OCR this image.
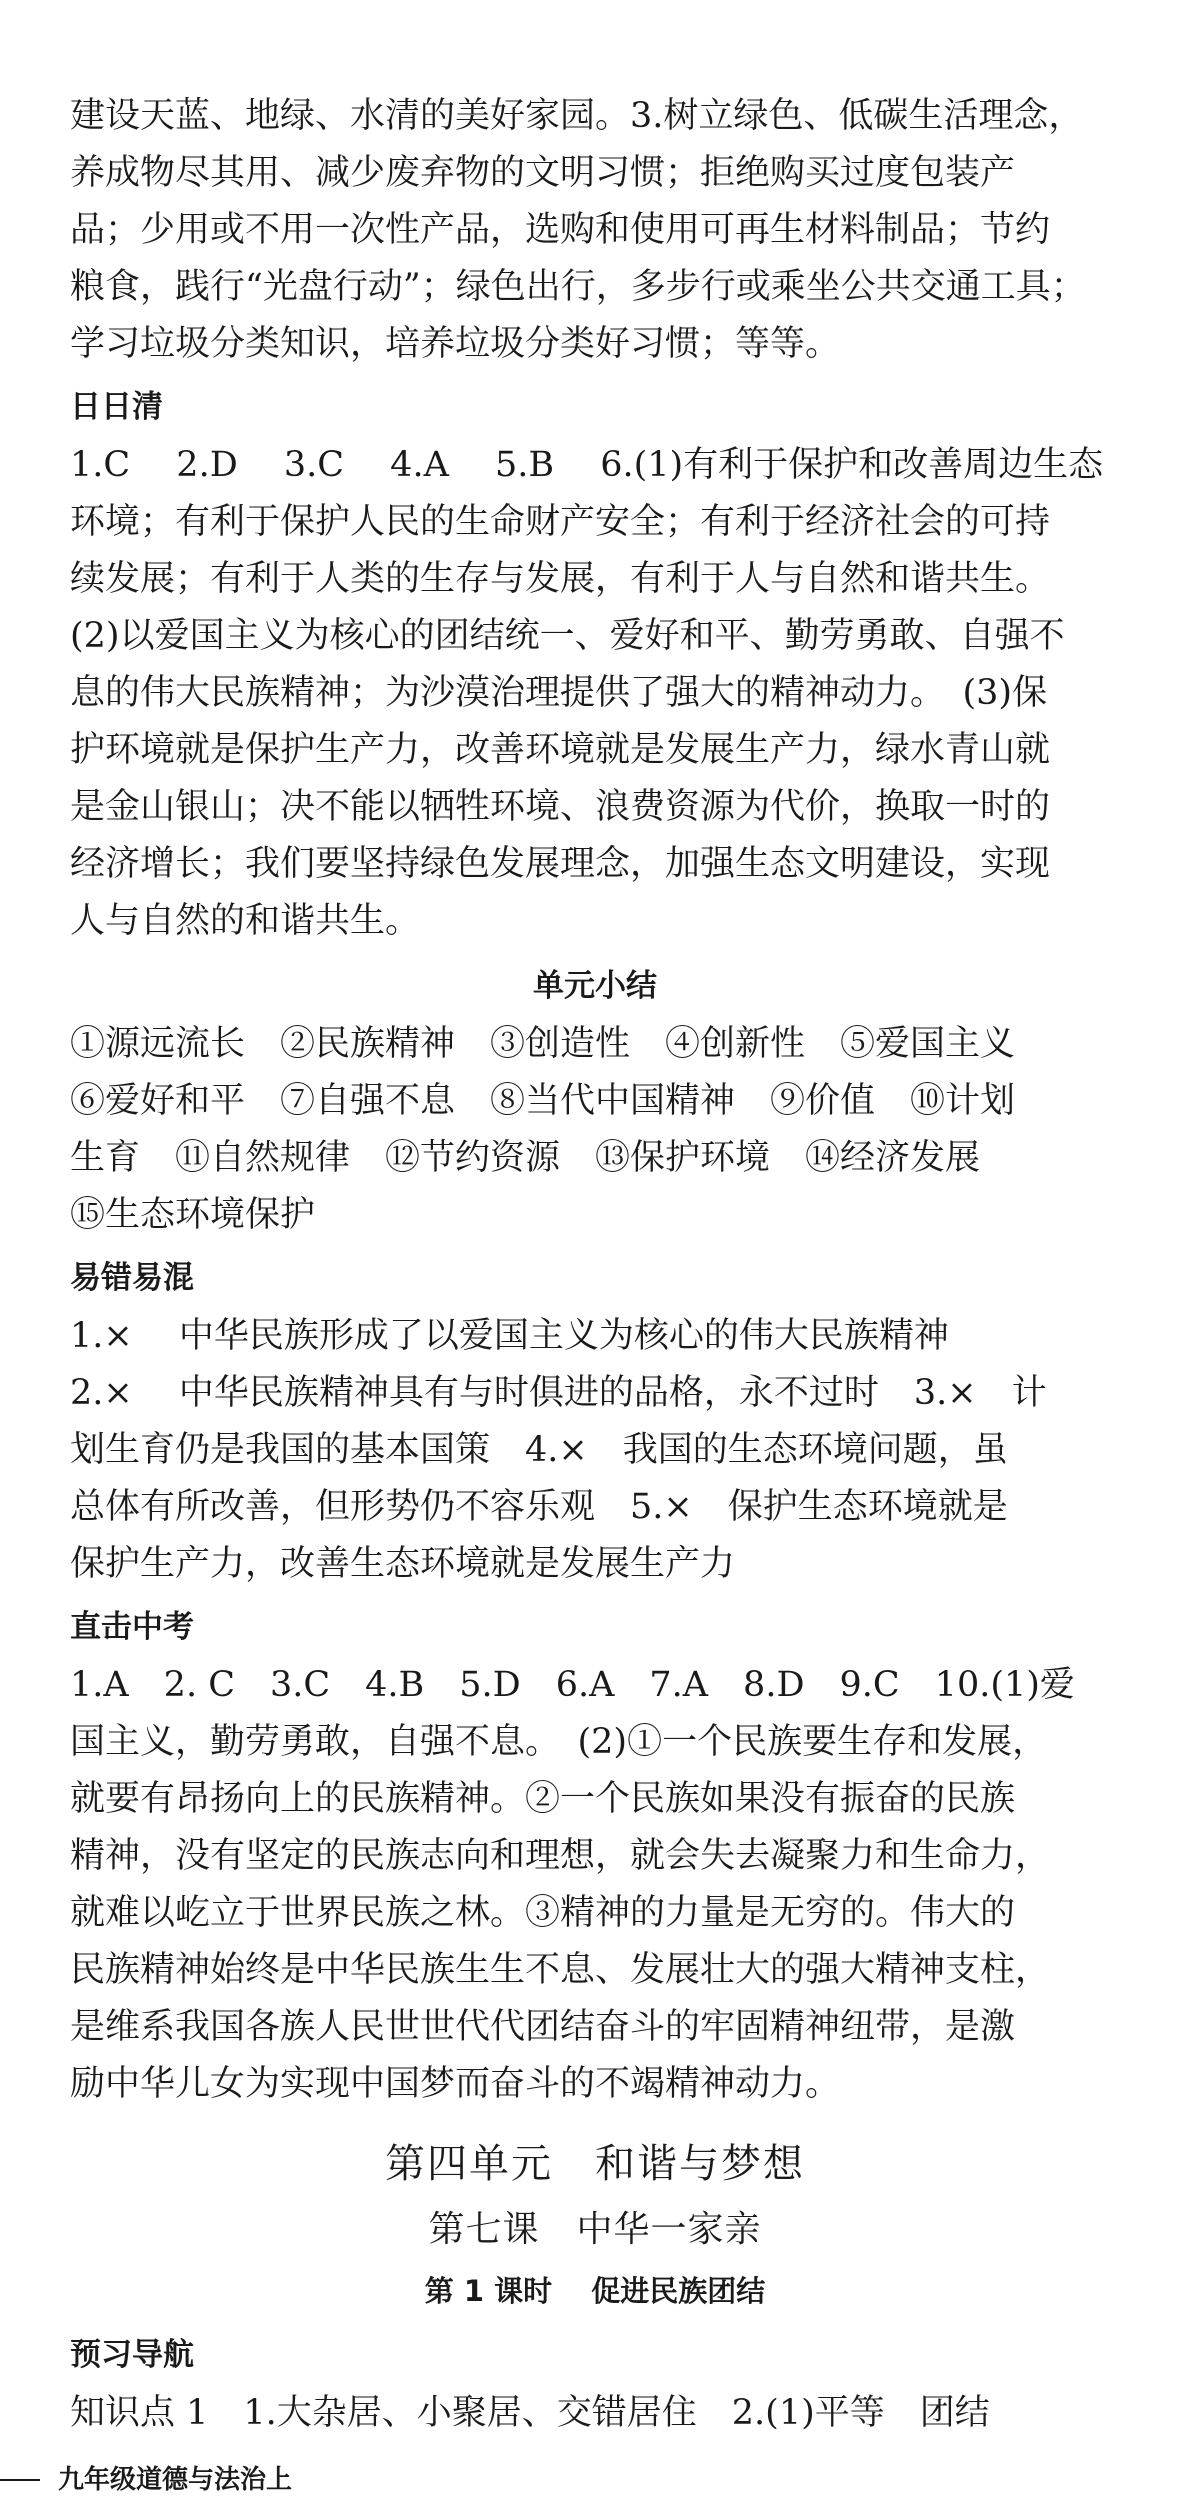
建设天蓝、地绿、水清的美好家园。3.树立绿色、低碳生活理念，
养成物尽其用、减少废弃物的文明习惯；拒绝购买过度包装产
品；少用或不用一次性产品，选购和使用可再生材料制品；节约
粮食，践行“光盘行动”；绿色出行，多步行或乘坐公共交通工具；
学习垃圾分类知识，培养垃圾分类好习惯；等等。
日日清
1.C　 2.D　 3.C　 4.A　 5.B　 6.(1)有利于保护和改善周边生态
环境；有利于保护人民的生命财产安全；有利于经济社会的可持
续发展；有利于人类的生存与发展，有利于人与自然和谐共生。
(2)以爱国主义为核心的团结统一、爱好和平、勤劳勇敢、自强不
息的伟大民族精神；为沙漠治理提供了强大的精神动力。　(3)保
护环境就是保护生产力，改善环境就是发展生产力，绿水青山就
是金山银山；决不能以牺牲环境、浪费资源为代价，换取一时的
经济增长；我们要坚持绿色发展理念，加强生态文明建设，实现
人与自然的和谐共生。
单元小结
①源远流长　②民族精神　③创造性　④创新性　⑤爱国主义
⑥爱好和平　⑦自强不息　⑧当代中国精神　⑨价值　⑩计划
生育　⑪自然规律　⑫节约资源　⑬保护环境　⑭经济发展
⑮生态环境保护
易错易混
1.×　 中华民族形成了以爱国主义为核心的伟大民族精神
2.×　 中华民族精神具有与时俱进的品格，永不过时　3.×　计
划生育仍是我国的基本国策　4.×　我国的生态环境问题，虽
总体有所改善，但形势仍不容乐观　5.×　保护生态环境就是
保护生产力，改善生态环境就是发展生产力
直击中考
1.A　2. C　3.C　4.B　5.D　6.A　7.A　8.D　9.C　10.(1)爱
国主义，勤劳勇敢，自强不息。　(2)①一个民族要生存和发展，
就要有昂扬向上的民族精神。②一个民族如果没有振奋的民族
精神，没有坚定的民族志向和理想，就会失去凝聚力和生命力，
就难以屹立于世界民族之林。③精神的力量是无穷的。伟大的
民族精神始终是中华民族生生不息、发展壮大的强大精神支柱，
是维系我国各族人民世世代代团结奋斗的牢固精神纽带，是激
励中华儿女为实现中国梦而奋斗的不竭精神动力。
第四单元　和谐与梦想
第七课　中华一家亲
第 1 课时　 促进民族团结
预习导航
知识点 1　1.大杂居、小聚居、交错居住　2.(1)平等　团结
九年级道德与法治上
